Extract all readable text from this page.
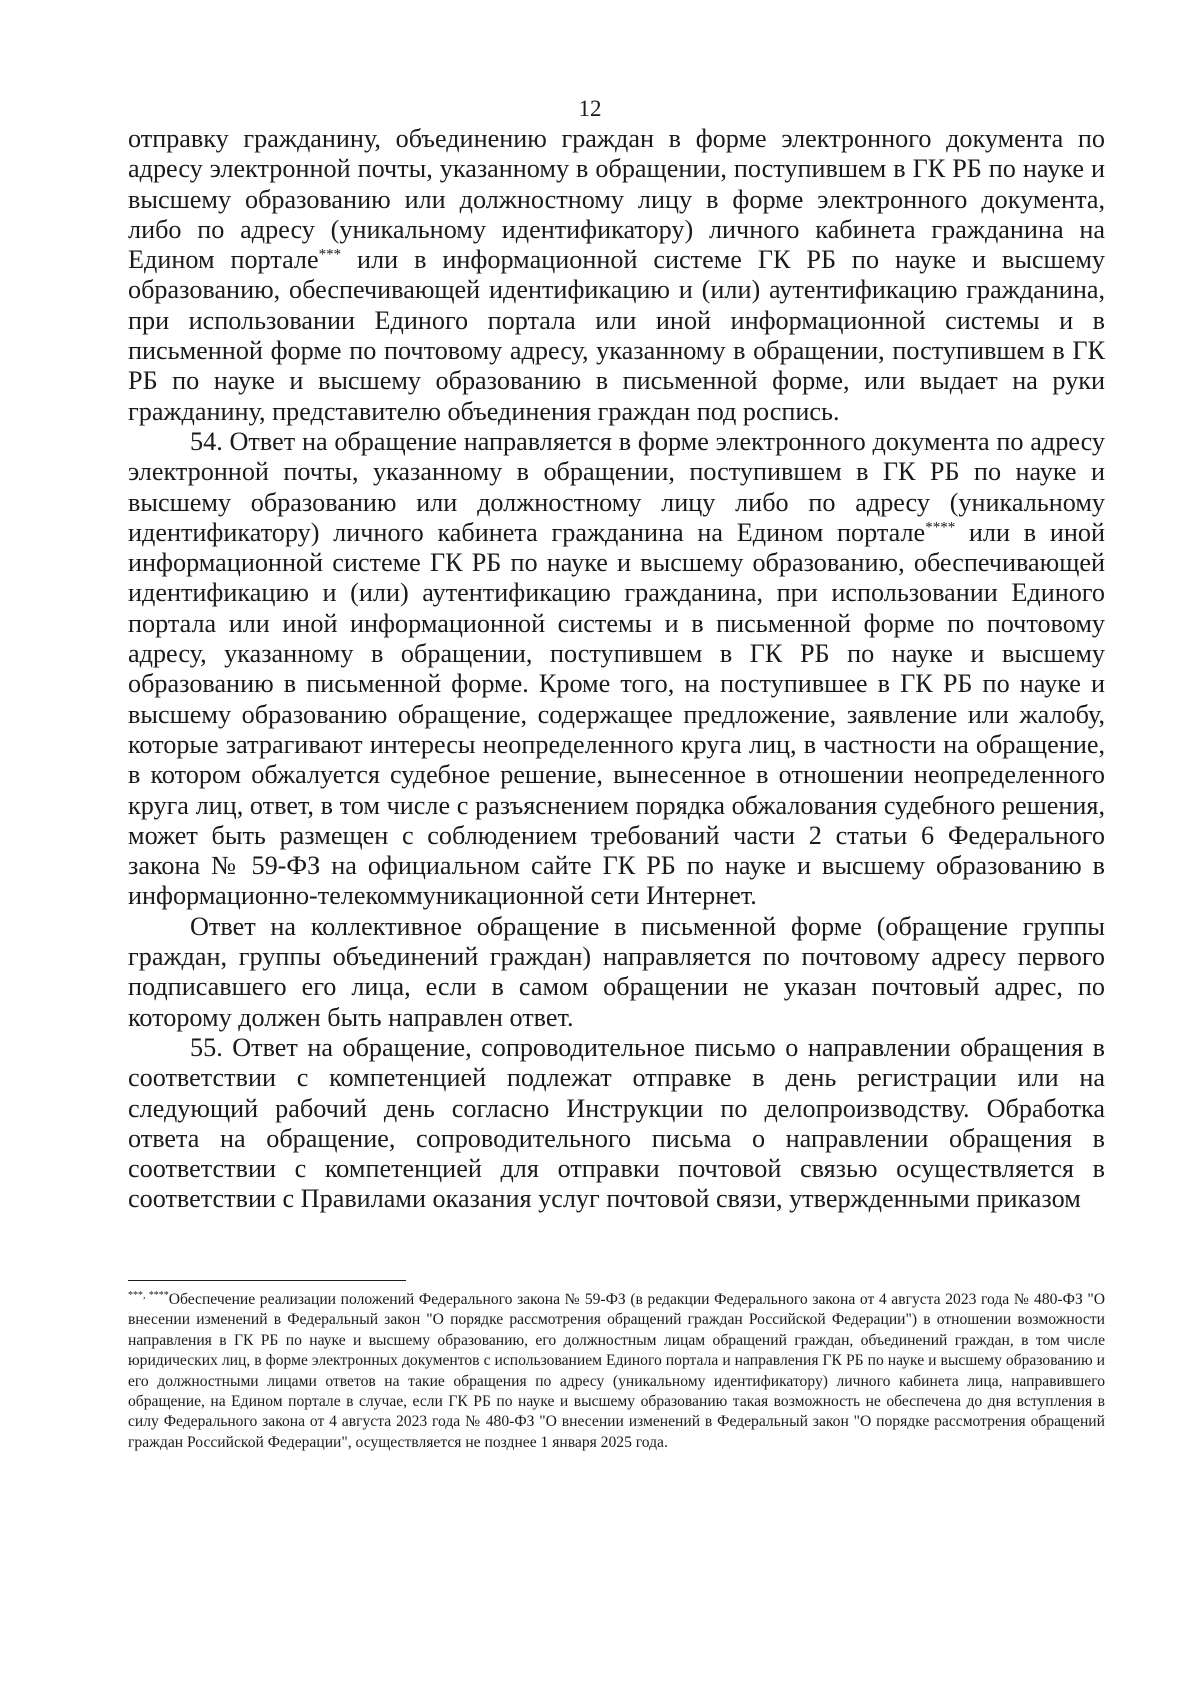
12

отправку гражданину, объединению граждан в форме электронного документа по адресу электронной почты, указанному в обращении, поступившем в ГК РБ по науке и высшему образованию или должностному лицу в форме электронного документа, либо по адресу (уникальному идентификатору) личного кабинета гражданина на Едином портале*** или в информационной системе ГК РБ по науке и высшему образованию, обеспечивающей идентификацию и (или) аутентификацию гражданина, при использовании Единого портала или иной информационной системы и в письменной форме по почтовому адресу, указанному в обращении, поступившем в ГК РБ по науке и высшему образованию в письменной форме, или выдает на руки гражданину, представителю объединения граждан под роспись.

54. Ответ на обращение направляется в форме электронного документа по адресу электронной почты, указанному в обращении, поступившем в ГК РБ по науке и высшему образованию или должностному лицу либо по адресу (уникальному идентификатору) личного кабинета гражданина на Едином портале**** или в иной информационной системе ГК РБ по науке и высшему образованию, обеспечивающей идентификацию и (или) аутентификацию гражданина, при использовании Единого портала или иной информационной системы и в письменной форме по почтовому адресу, указанному в обращении, поступившем в ГК РБ по науке и высшему образованию в письменной форме. Кроме того, на поступившее в ГК РБ по науке и высшему образованию обращение, содержащее предложение, заявление или жалобу, которые затрагивают интересы неопределенного круга лиц, в частности на обращение, в котором обжалуется судебное решение, вынесенное в отношении неопределенного круга лиц, ответ, в том числе с разъяснением порядка обжалования судебного решения, может быть размещен с соблюдением требований части 2 статьи 6 Федерального закона № 59-ФЗ на официальном сайте ГК РБ по науке и высшему образованию в информационно-телекоммуникационной сети Интернет.

Ответ на коллективное обращение в письменной форме (обращение группы граждан, группы объединений граждан) направляется по почтовому адресу первого подписавшего его лица, если в самом обращении не указан почтовый адрес, по которому должен быть направлен ответ.

55. Ответ на обращение, сопроводительное письмо о направлении обращения в соответствии с компетенцией подлежат отправке в день регистрации или на следующий рабочий день согласно Инструкции по делопроизводству. Обработка ответа на обращение, сопроводительного письма о направлении обращения в соответствии с компетенцией для отправки почтовой связью осуществляется в соответствии с Правилами оказания услуг почтовой связи, утвержденными приказом

***, ****Обеспечение реализации положений Федерального закона № 59-ФЗ (в редакции Федерального закона от 4 августа 2023 года № 480-ФЗ "О внесении изменений в Федеральный закон "О порядке рассмотрения обращений граждан Российской Федерации") в отношении возможности направления в ГК РБ по науке и высшему образованию, его должностным лицам обращений граждан, объединений граждан, в том числе юридических лиц, в форме электронных документов с использованием Единого портала и направления ГК РБ по науке и высшему образованию и его должностными лицами ответов на такие обращения по адресу (уникальному идентификатору) личного кабинета лица, направившего обращение, на Едином портале в случае, если ГК РБ по науке и высшему образованию такая возможность не обеспечена до дня вступления в силу Федерального закона от 4 августа 2023 года № 480-ФЗ "О внесении изменений в Федеральный закон "О порядке рассмотрения обращений граждан Российской Федерации", осуществляется не позднее 1 января 2025 года.
